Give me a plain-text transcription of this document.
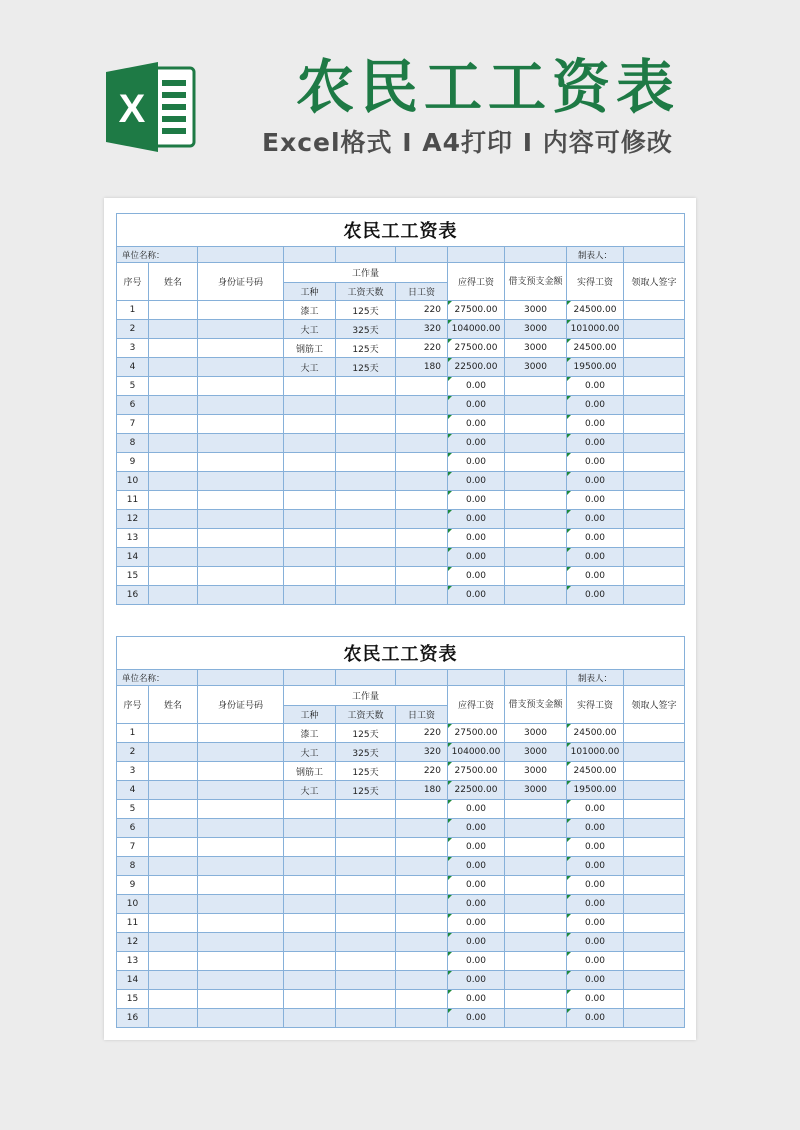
X	农民工工资表
Excel格式 I A4打印 I 内容可修改
农民工工资表									
单位名称：								制表人：	
序号	姓名	身份证号码	工作量			应得工资	借支预支金额	实得工资	领取人签字
			工种	工资天数	日工资				
1			漆工	125天	220	27500.00	3000	24500.00	
2			大工	325天	320	104000.00	3000	101000.00	
3			钢筋工	125天	220	27500.00	3000	24500.00	
4			大工	125天	180	22500.00	3000	19500.00	
5						0.00		0.00	
6						0.00		0.00	
7						0.00		0.00	
8						0.00		0.00	
9						0.00		0.00	
10						0.00		0.00	
11						0.00		0.00	
12						0.00		0.00	
13						0.00		0.00	
14						0.00		0.00	
15						0.00		0.00	
16						0.00		0.00	
农民工工资表									
单位名称：								制表人：	
序号	姓名	身份证号码	工作量			应得工资	借支预支金额	实得工资	领取人签字
			工种	工资天数	日工资				
1			漆工	125天	220	27500.00	3000	24500.00	
2			大工	325天	320	104000.00	3000	101000.00	
3			钢筋工	125天	220	27500.00	3000	24500.00	
4			大工	125天	180	22500.00	3000	19500.00	
5						0.00		0.00	
6						0.00		0.00	
7						0.00		0.00	
8						0.00		0.00	
9						0.00		0.00	
10						0.00		0.00	
11						0.00		0.00	
12						0.00		0.00	
13						0.00		0.00	
14						0.00		0.00	
15						0.00		0.00	
16						0.00		0.00	
